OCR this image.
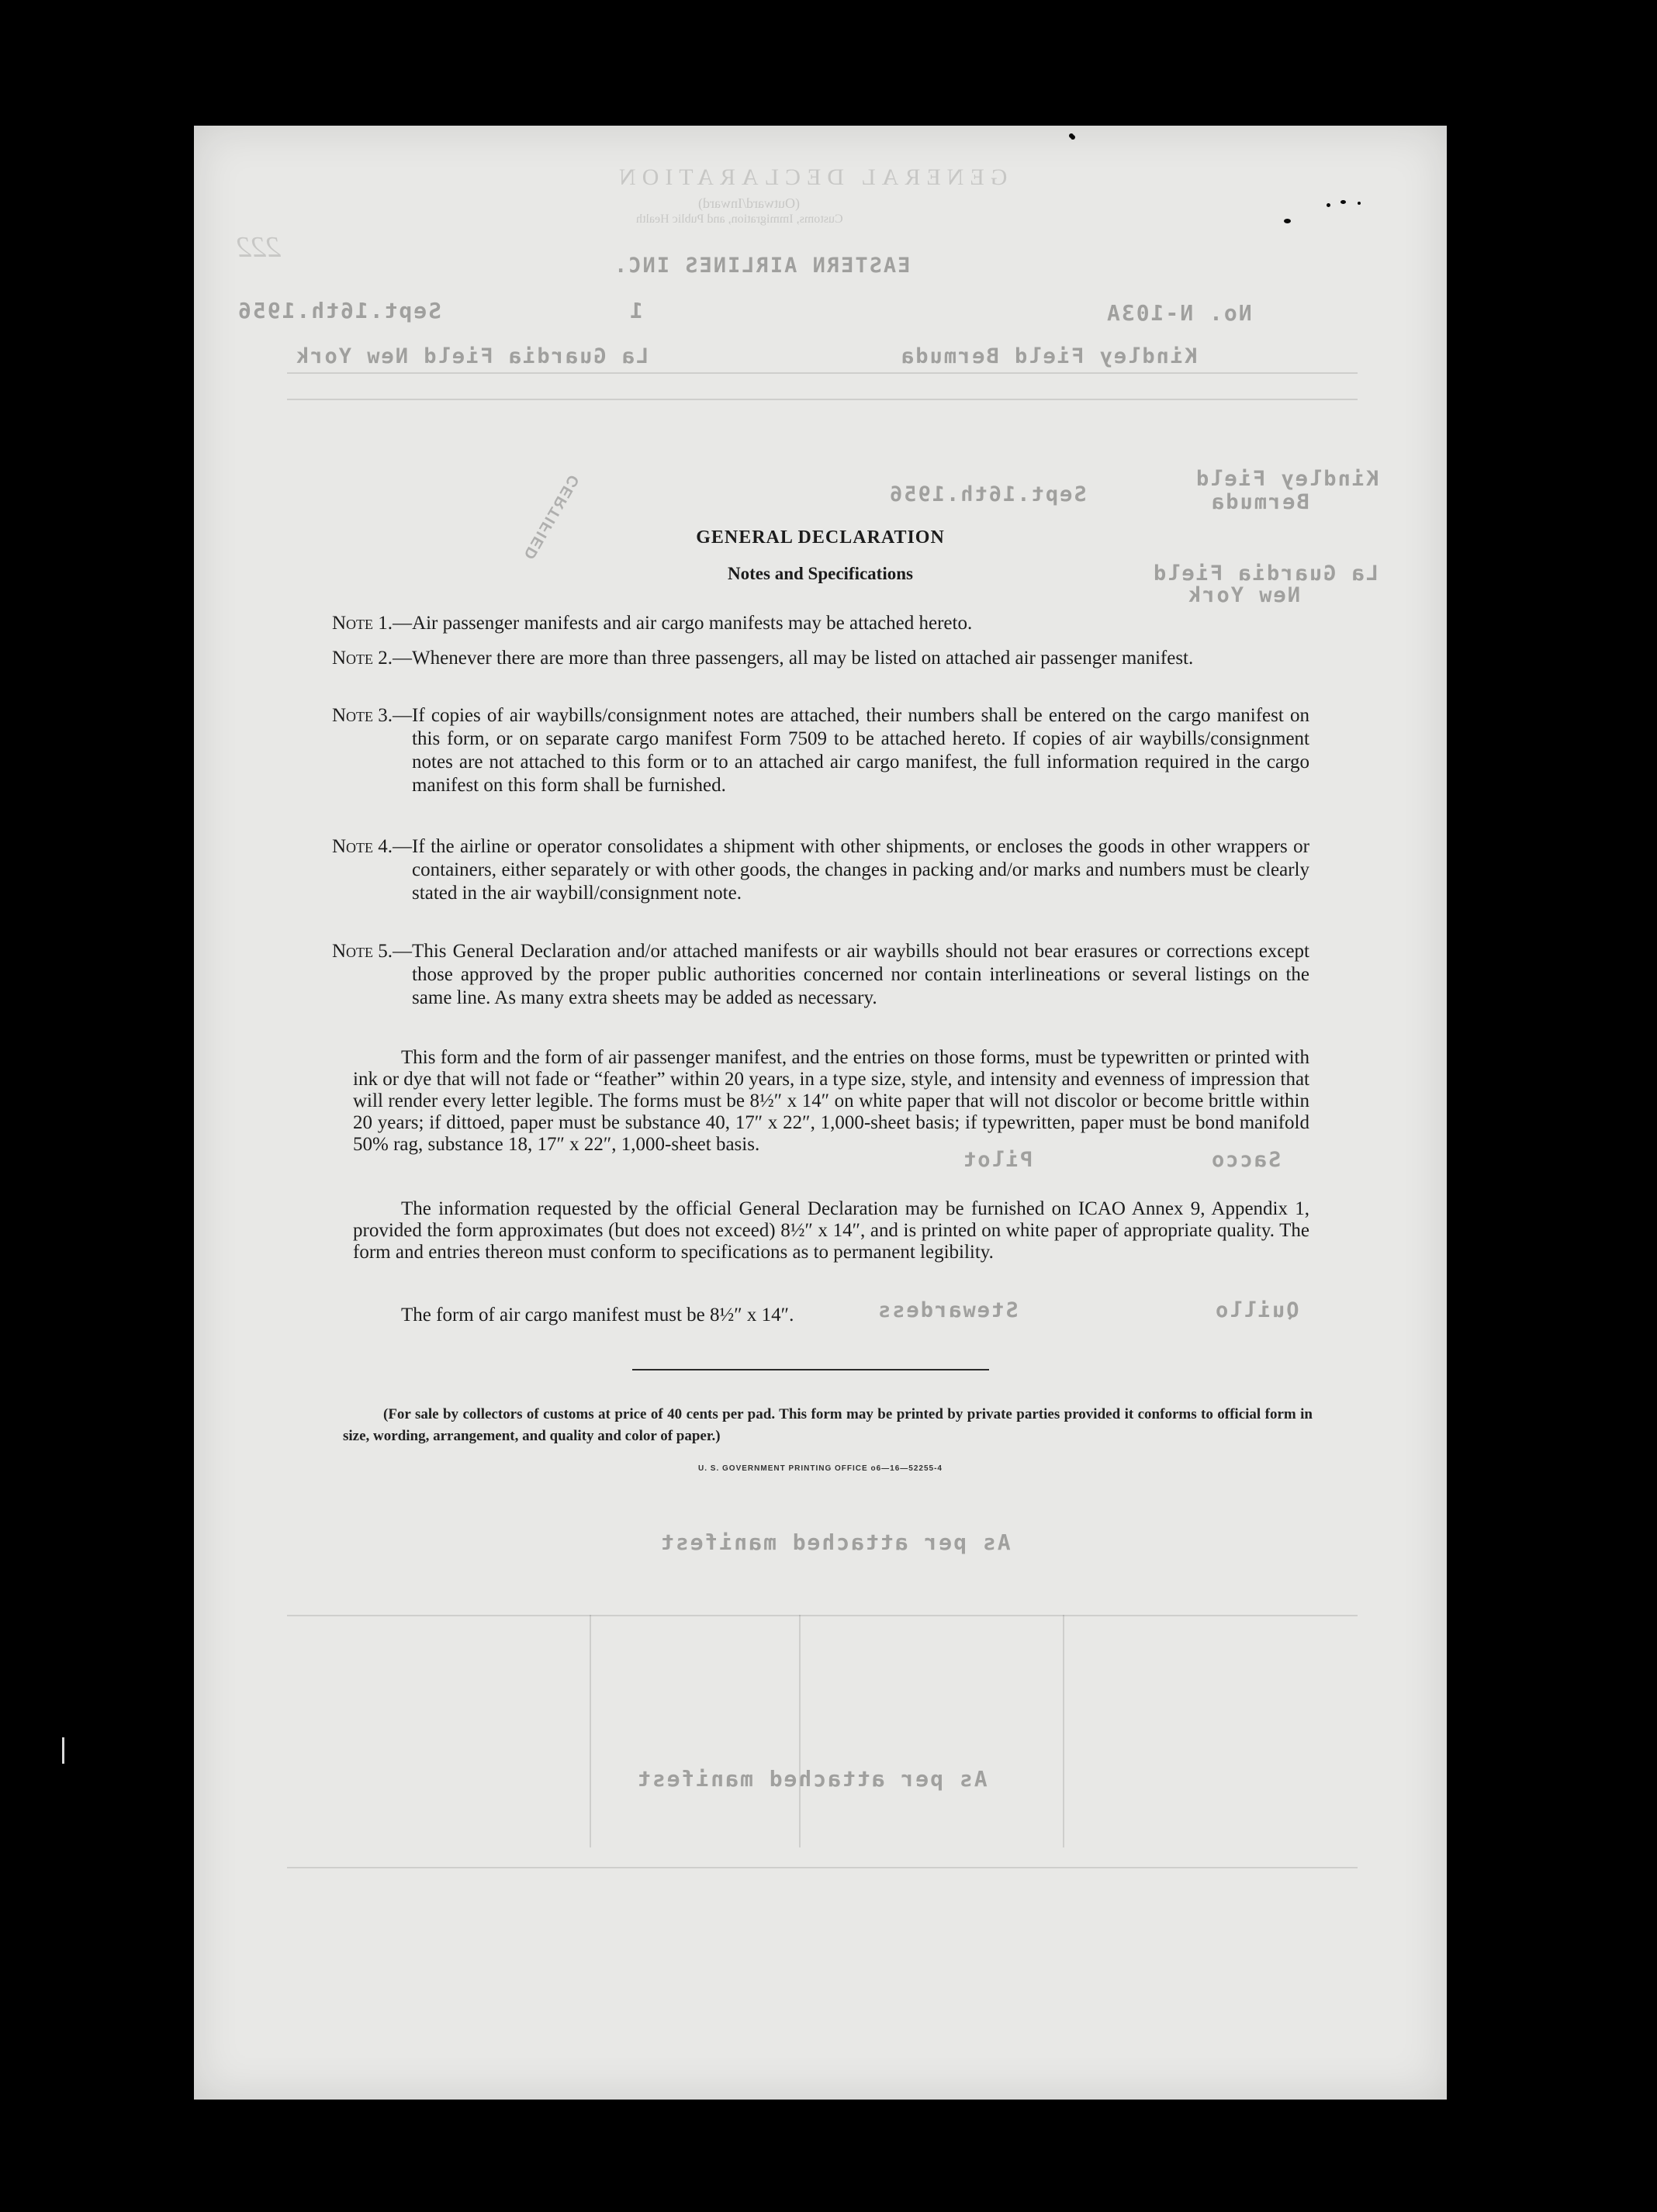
GENERAL DECLARATION
(Outward/Inward)
Customs, Immigration, and Public Health
222
EASTERN AIRLINES INC.
No. N-103A
1
Sept.16th.1956
Kindley Field Bermuda
La Guardia Field New York
Kindley Field
Bermuda
Sept.16th.1956
CERTIFIED
La Guardia Field
New York
Sacco
Pilot
Quillo
Stewardess
As per attached manifest
As per attached manifest
GENERAL DECLARATION
Notes and Specifications
Note 1.— Air passenger manifests and air cargo manifests may be attached hereto.
Note 2.— Whenever there are more than three passengers, all may be listed on attached air passenger manifest.
Note 3.— If copies of air waybills/consignment notes are attached, their numbers shall be entered on the cargo manifest on this form, or on separate cargo manifest Form 7509 to be attached hereto. If copies of air waybills/consignment notes are not attached to this form or to an attached air cargo manifest, the full information required in the cargo manifest on this form shall be furnished.
Note 4.— If the airline or operator consolidates a shipment with other shipments, or encloses the goods in other wrappers or containers, either separately or with other goods, the changes in packing and/or marks and numbers must be clearly stated in the air waybill/consignment note.
Note 5.— This General Declaration and/or attached manifests or air waybills should not bear erasures or corrections except those approved by the proper public authorities concerned nor contain interlineations or several listings on the same line. As many extra sheets may be added as necessary.
This form and the form of air passenger manifest, and the entries on those forms, must be typewritten or printed with ink or dye that will not fade or “feather” within 20 years, in a type size, style, and intensity and evenness of impression that will render every letter legible. The forms must be 8½″ x 14″ on white paper that will not discolor or become brittle within 20 years; if dittoed, paper must be substance 40, 17″ x 22″, 1,000-sheet basis; if typewritten, paper must be bond manifold 50% rag, substance 18, 17″ x 22″, 1,000-sheet basis.
The information requested by the official General Declaration may be furnished on ICAO Annex 9, Appendix 1, provided the form approximates (but does not exceed) 8½″ x 14″, and is printed on white paper of appropriate quality. The form and entries thereon must conform to specifications as to permanent legibility.
The form of air cargo manifest must be 8½″ x 14″.
(For sale by collectors of customs at price of 40 cents per pad. This form may be printed by private parties provided it conforms to official form in size, wording, arrangement, and quality and color of paper.)
U. S. GOVERNMENT PRINTING OFFICE o6—16—52255-4
